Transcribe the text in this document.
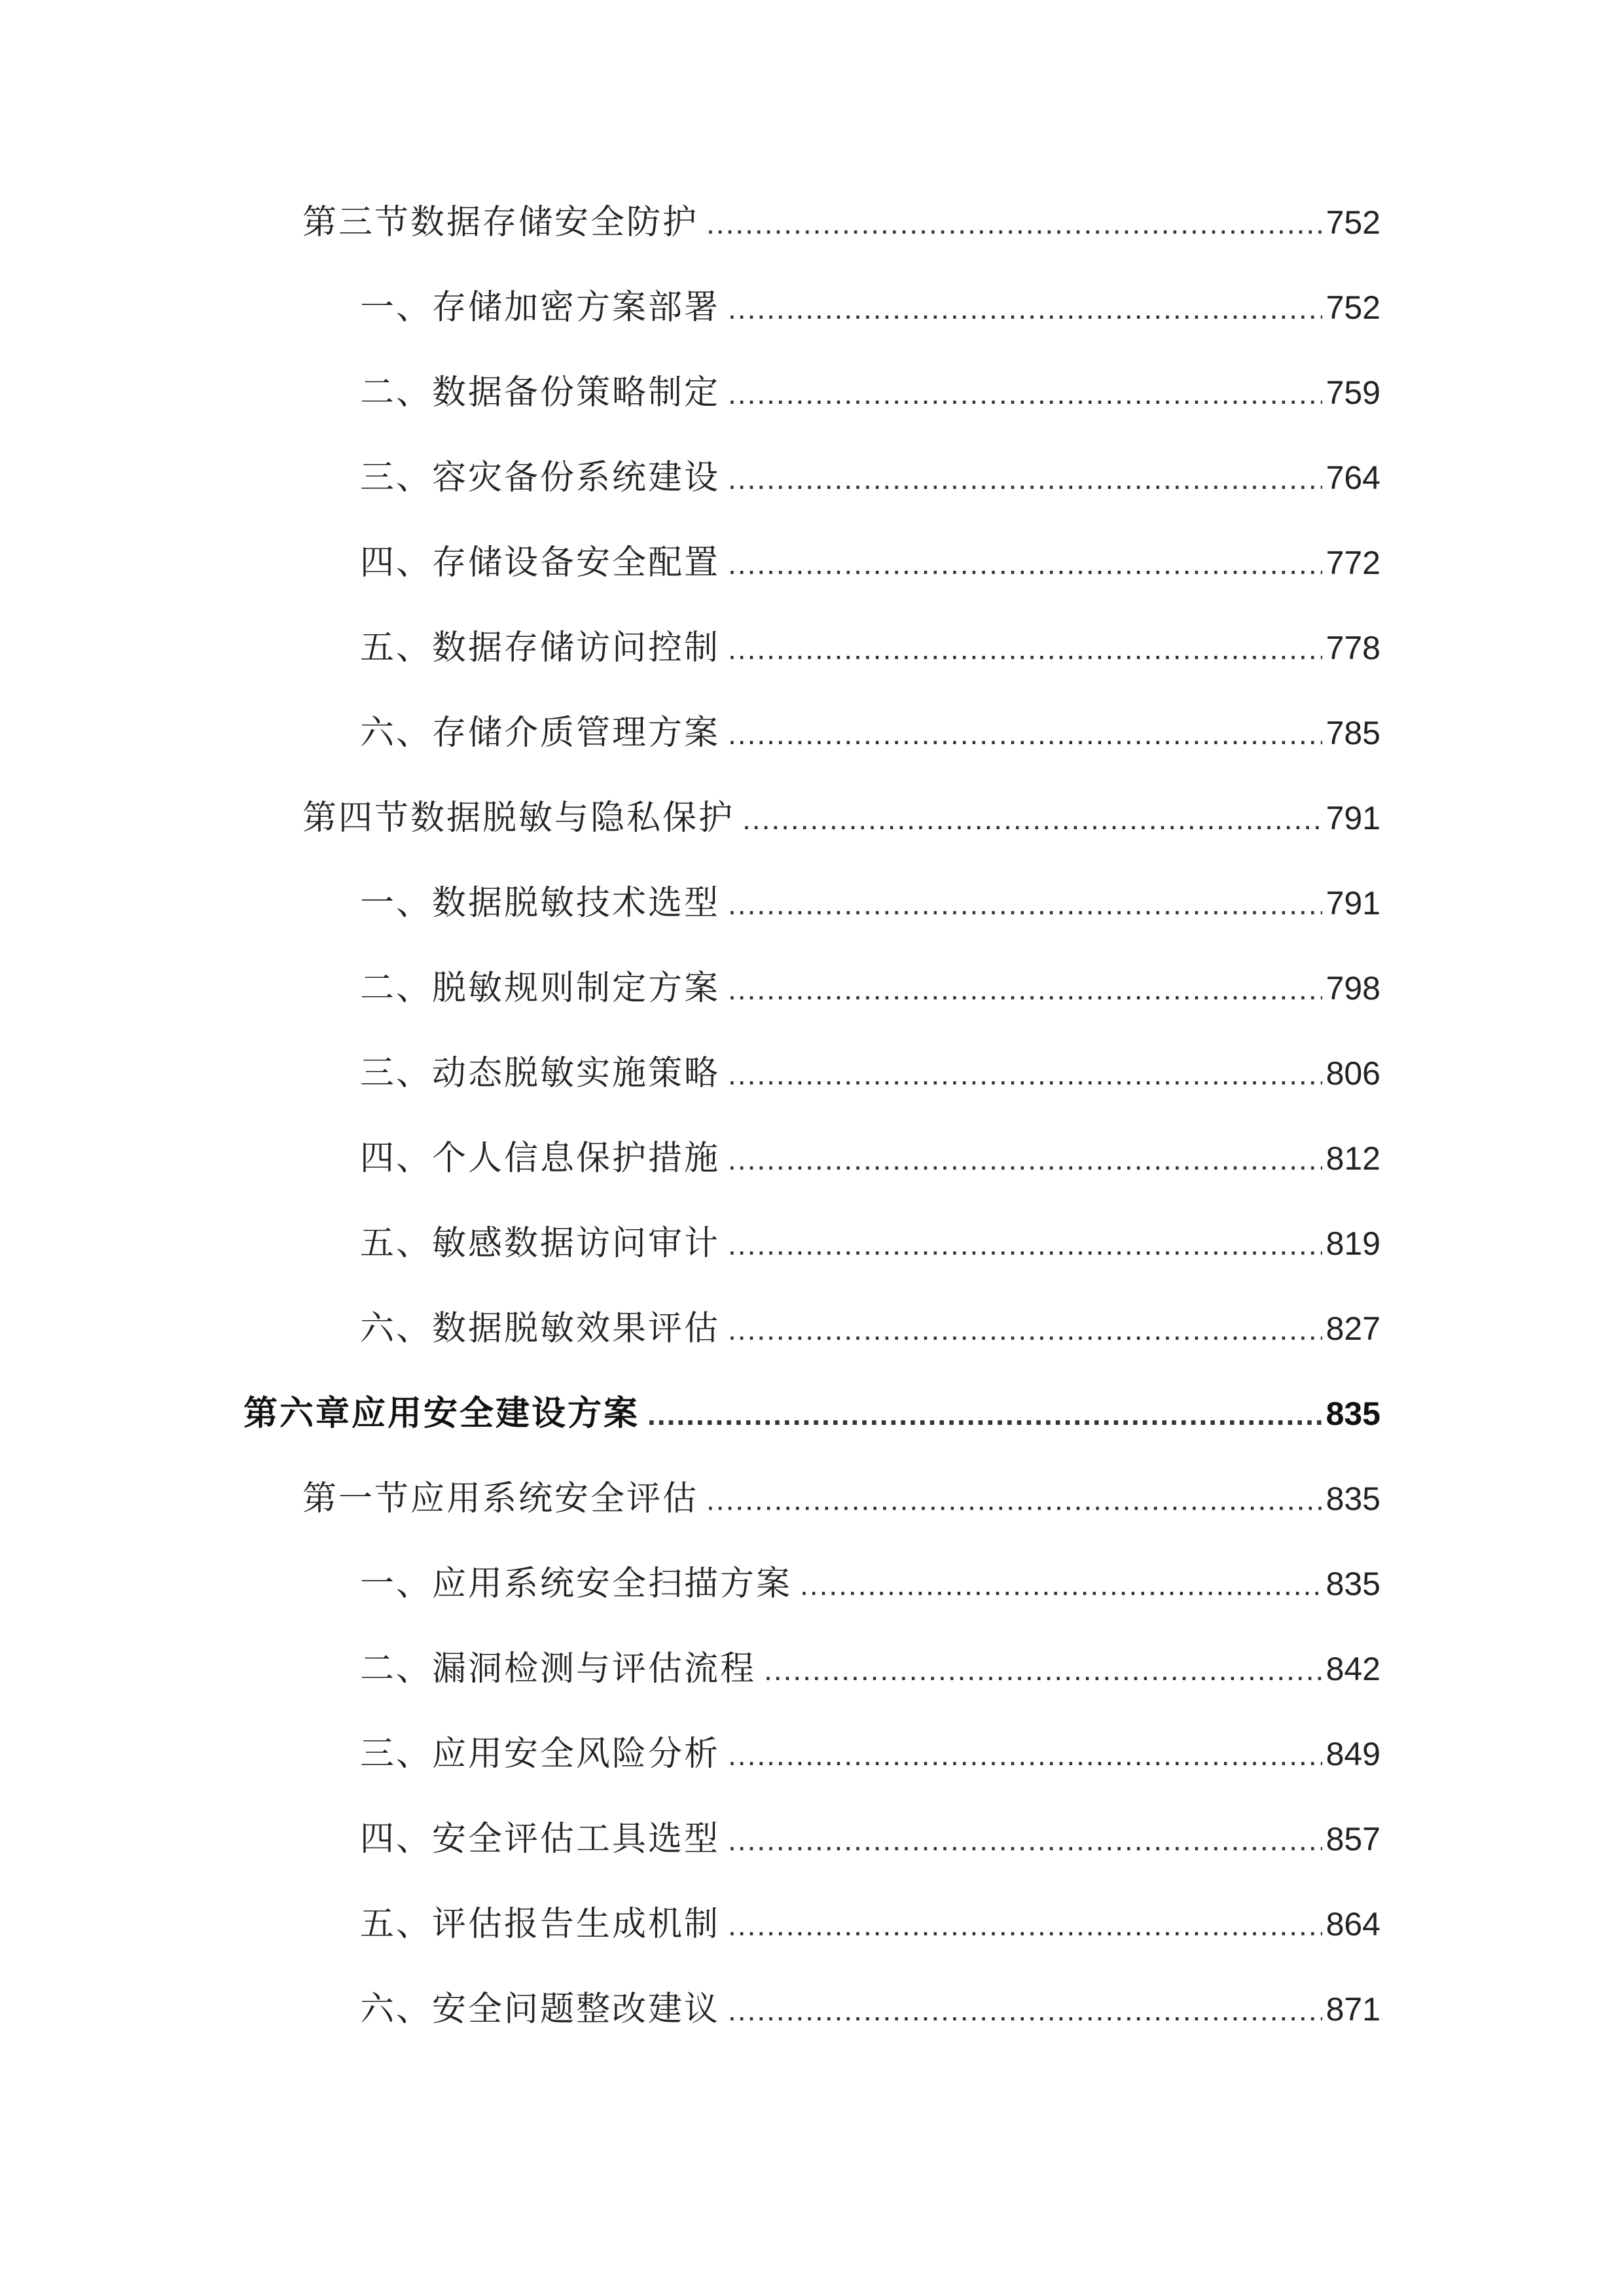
第三节数据存储安全防护 .....	752
一、存储加密方案部署 .....	752
二、数据备份策略制定 .....	759
三、容灾备份系统建设 .....	764
四、存储设备安全配置 .....	772
五、数据存储访问控制 .....	778
六、存储介质管理方案 .....	785
第四节数据脱敏与隐私保护 .....	791
一、数据脱敏技术选型 .....	791
二、脱敏规则制定方案 .....	798
三、动态脱敏实施策略 .....	806
四、个人信息保护措施 .....	812
五、敏感数据访问审计 .....	819
六、数据脱敏效果评估 .....	827
第六章应用安全建设方案 .....	835
第一节应用系统安全评估 .....	835
一、应用系统安全扫描方案 .....	835
二、漏洞检测与评估流程 .....	842
三、应用安全风险分析 .....	849
四、安全评估工具选型 .....	857
五、评估报告生成机制 .....	864
六、安全问题整改建议 .....	871
